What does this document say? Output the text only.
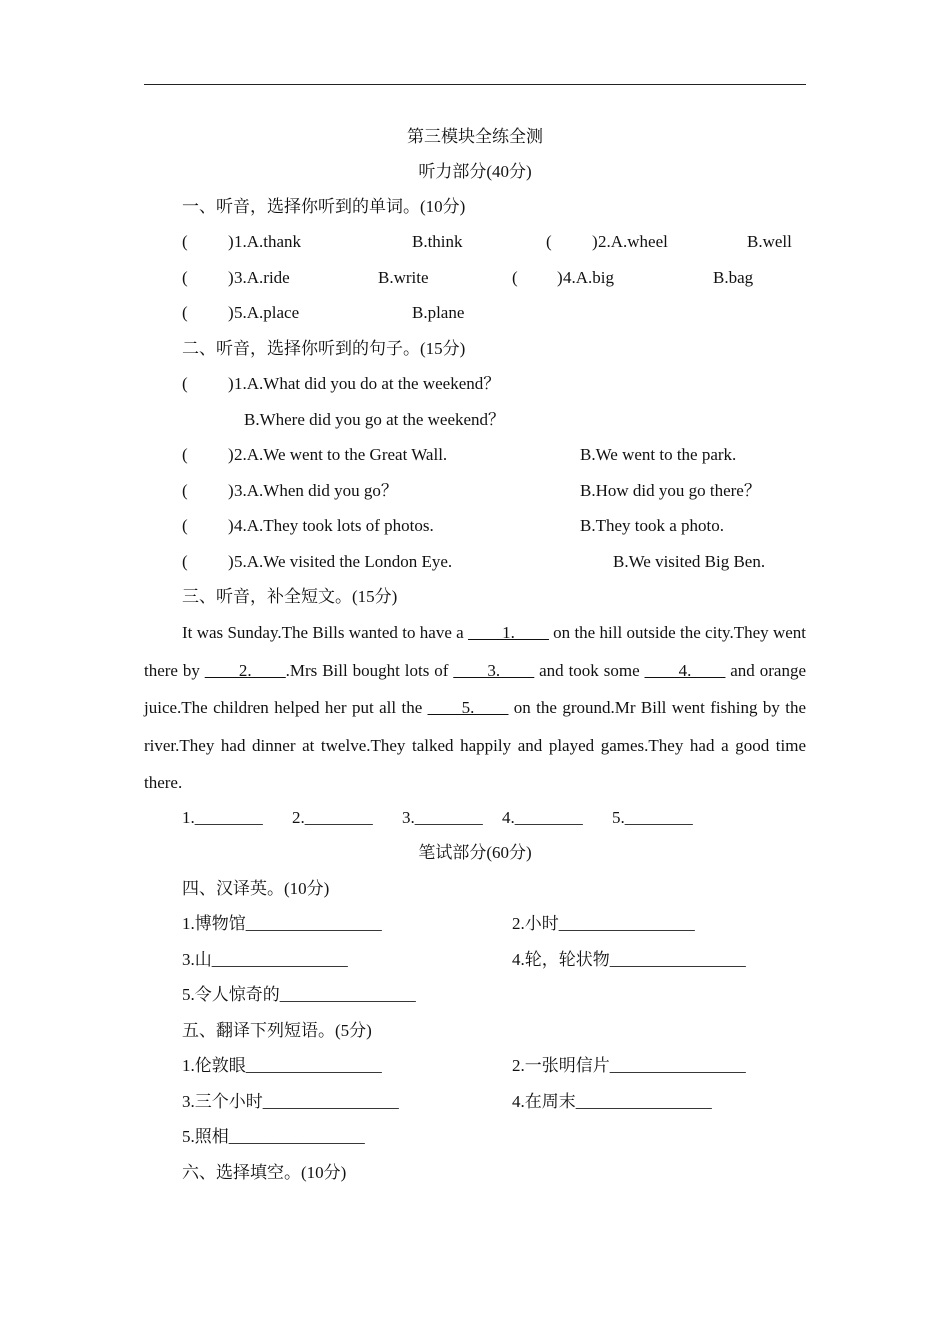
第三模块全练全测
听力部分(40分)
一、听音，选择你听到的单词。(10分)
( ) 1.A.thank	B.think	( ) 2.A.wheel	B.well
( ) 3.A.ride	B.write	( ) 4.A.big	B.bag
( ) 5.A.place	B.plane
二、听音，选择你听到的句子。(15分)
( ) 1.A.What did you do at the weekend？
B.Where did you go at the weekend？
( ) 2.A.We went to the Great Wall.	B.We went to the park.
( ) 3.A.When did you go？	B.How did you go there？
( ) 4.A.They took lots of photos.	B.They took a photo.
( ) 5.A.We visited the London Eye.	B.We visited Big Ben.
三、听音，补全短文。(15分)
It was Sunday.The Bills wanted to have a ____1.____ on the hill outside the city.They went there by ____2.____.Mrs Bill bought lots of ____3.____ and took some ____4.____ and orange juice.The children helped her put all the ____5.____ on the ground.Mr Bill went fishing by the river.They had dinner at twelve.They talked happily and played games.They had a good time there.
1.________ 2.________ 3.________ 4.________ 5.________
笔试部分(60分)
四、汉译英。(10分)
1.博物馆________________	2.小时________________
3.山________________	4.轮，轮状物________________
5.令人惊奇的________________
五、翻译下列短语。(5分)
1.伦敦眼________________	2.一张明信片________________
3.三个小时________________	4.在周末________________
5.照相________________
六、选择填空。(10分)
